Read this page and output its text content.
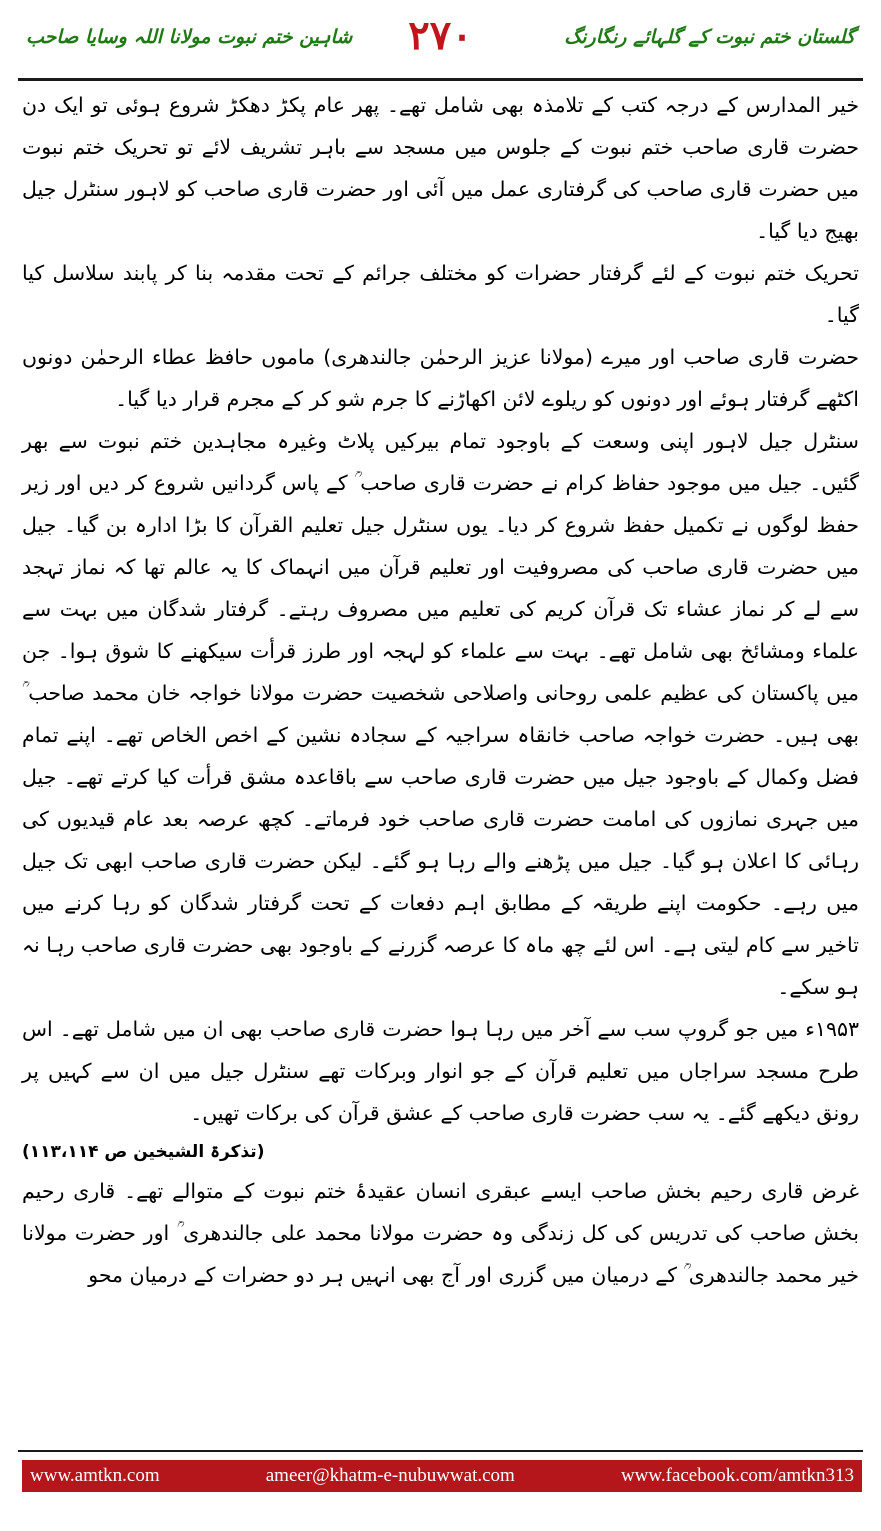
گلستان ختم نبوت کے گلہائے رنگارنگ
۲۷۰
شاہین ختم نبوت مولانا اللہ وسایا صاحب

خیر المدارس کے درجہ کتب کے تلامذہ بھی شامل تھے۔ پھر عام پکڑ دھکڑ شروع ہوئی تو ایک دن حضرت قاری صاحب ختم نبوت کے جلوس میں مسجد سے باہر تشریف لائے تو تحریک ختم نبوت میں حضرت قاری صاحب کی گرفتاری عمل میں آئی اور حضرت قاری صاحب کو لاہور سنٹرل جیل بھیج دیا گیا۔

تحریک ختم نبوت کے لئے گرفتار حضرات کو مختلف جرائم کے تحت مقدمہ بنا کر پابند سلاسل کیا گیا۔

حضرت قاری صاحب اور میرے (مولانا عزیز الرحمٰن جالندھری) ماموں حافظ عطاء الرحمٰن دونوں اکٹھے گرفتار ہوئے اور دونوں کو ریلوے لائن اکھاڑنے کا جرم شو کر کے مجرم قرار دیا گیا۔

سنٹرل جیل لاہور اپنی وسعت کے باوجود تمام بیرکیں پلاٹ وغیرہ مجاہدین ختم نبوت سے بھر گئیں۔ جیل میں موجود حفاظ کرام نے حضرت قاری صاحب ؒ کے پاس گردانیں شروع کر دیں اور زیر حفظ لوگوں نے تکمیل حفظ شروع کر دیا۔ یوں سنٹرل جیل تعلیم القرآن کا بڑا ادارہ بن گیا۔ جیل میں حضرت قاری صاحب کی مصروفیت اور تعلیم قرآن میں انہماک کا یہ عالم تھا کہ نماز تہجد سے لے کر نماز عشاء تک قرآن کریم کی تعلیم میں مصروف رہتے۔ گرفتار شدگان میں بہت سے علماء ومشائخ بھی شامل تھے۔ بہت سے علماء کو لہجہ اور طرز قرأت سیکھنے کا شوق ہوا۔ جن میں پاکستان کی عظیم علمی روحانی واصلاحی شخصیت حضرت مولانا خواجہ خان محمد صاحب ؒ بھی ہیں۔ حضرت خواجہ صاحب خانقاہ سراجیہ کے سجادہ نشین کے اخص الخاص تھے۔ اپنے تمام فضل وکمال کے باوجود جیل میں حضرت قاری صاحب سے باقاعدہ مشق قرأت کیا کرتے تھے۔ جیل میں جہری نمازوں کی امامت حضرت قاری صاحب خود فرماتے۔ کچھ عرصہ بعد عام قیدیوں کی رہائی کا اعلان ہو گیا۔ جیل میں پڑھنے والے رہا ہو گئے۔ لیکن حضرت قاری صاحب ابھی تک جیل میں رہے۔ حکومت اپنے طریقہ کے مطابق اہم دفعات کے تحت گرفتار شدگان کو رہا کرنے میں تاخیر سے کام لیتی ہے۔ اس لئے چھ ماہ کا عرصہ گزرنے کے باوجود بھی حضرت قاری صاحب رہا نہ ہو سکے۔

۱۹۵۳ء میں جو گروپ سب سے آخر میں رہا ہوا حضرت قاری صاحب بھی ان میں شامل تھے۔ اس طرح مسجد سراجاں میں تعلیم قرآن کے جو انوار وبرکات تھے سنٹرل جیل میں ان سے کہیں پر رونق دیکھے گئے۔ یہ سب حضرت قاری صاحب کے عشق قرآن کی برکات تھیں۔

(تذکرۃ الشیخین ص ۱۱۳،۱۱۴)

غرض قاری رحیم بخش صاحب ایسے عبقری انسان عقیدۂ ختم نبوت کے متوالے تھے۔ قاری رحیم بخش صاحب کی تدریس کی کل زندگی وہ حضرت مولانا محمد علی جالندھری ؒ اور حضرت مولانا خیر محمد جالندھری ؒ کے درمیان میں گزری اور آج بھی انہیں ہر دو حضرات کے درمیان محو

www.amtkn.com	ameer@khatm-e-nubuwwat.com	www.facebook.com/amtkn313
